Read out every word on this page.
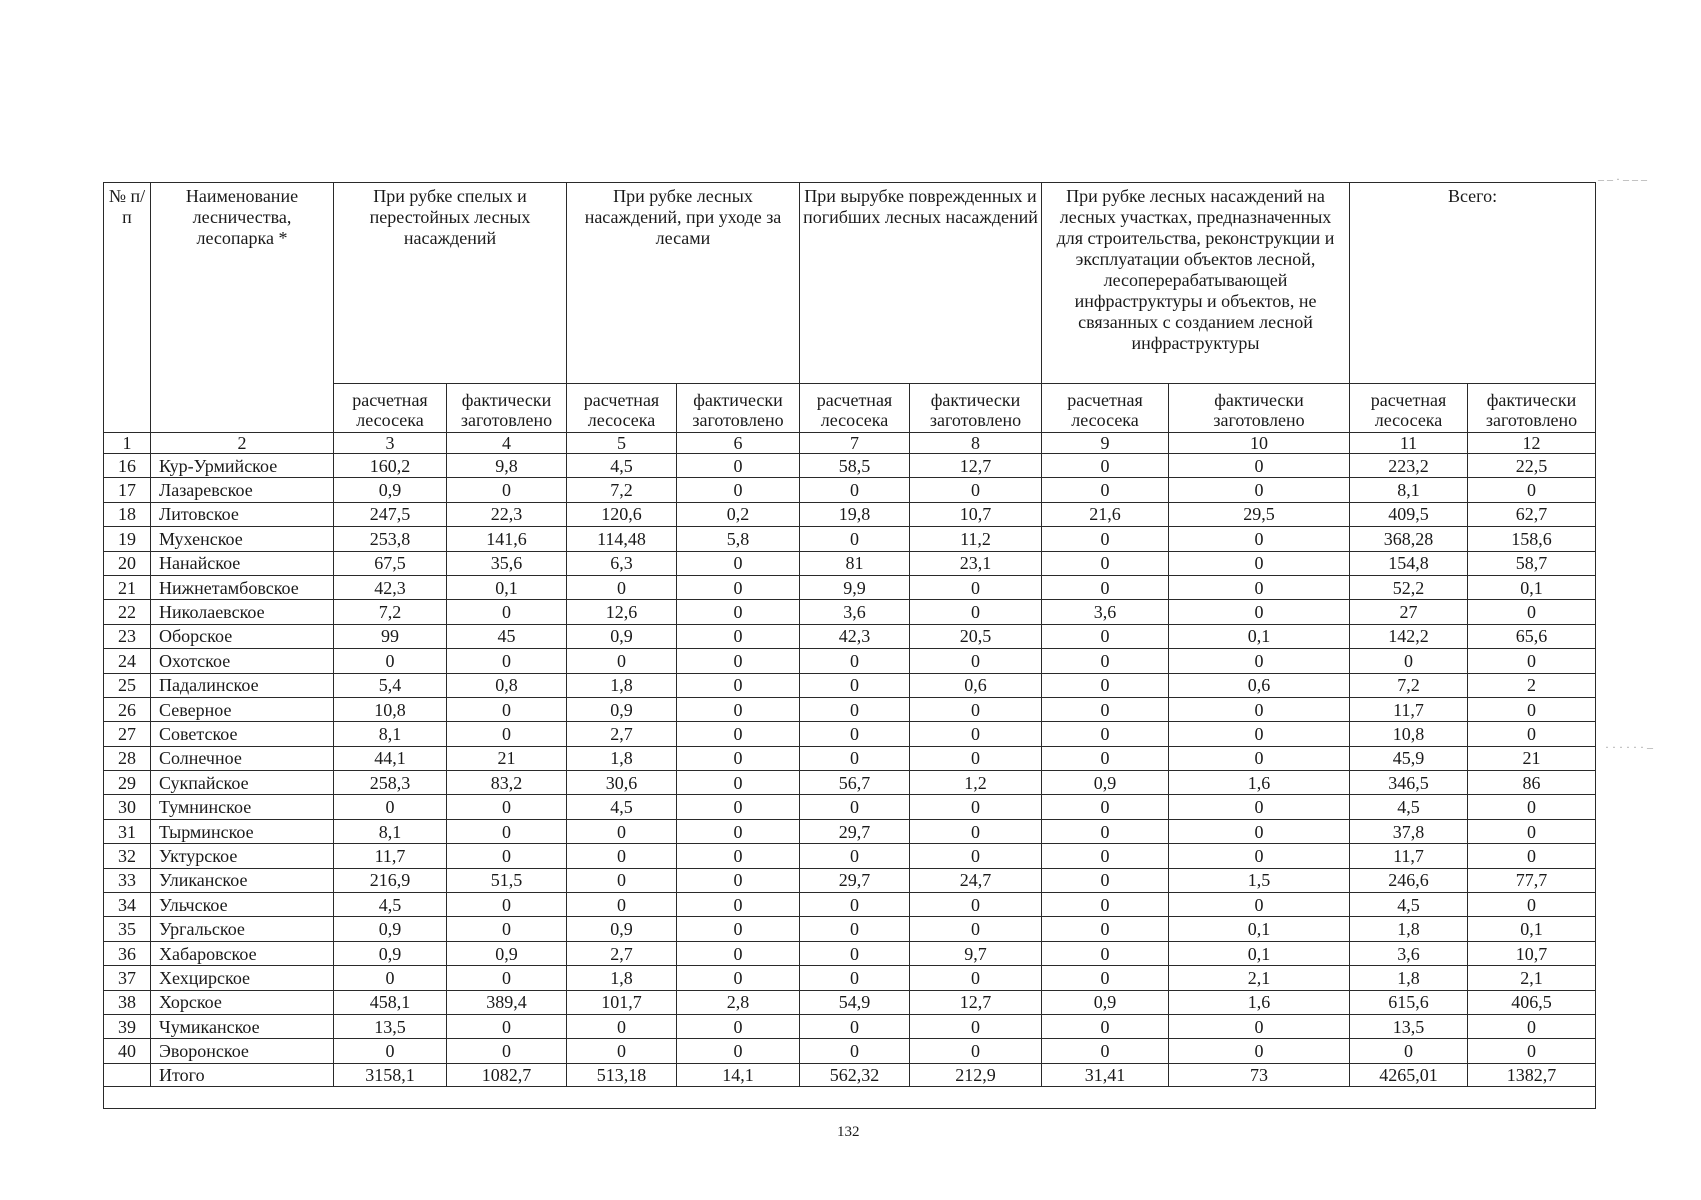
№ п/п	Наименование лесничества, лесопарка *	При рубке спелых и перестойных лесных насаждений		При рубке лесных насаждений, при уходе за лесами		При вырубке поврежденных и погибших лесных насаждений		При рубке лесных насаждений на лесных участках, предназначенных для строительства, реконструкции и эксплуатации объектов лесной, лесоперерабатывающей инфраструктуры и объектов, не связанных с созданием лесной инфраструктуры		Всего:	
		расчетная лесосека	фактически заготовлено	расчетная лесосека	фактически заготовлено	расчетная лесосека	фактически заготовлено	расчетная лесосека	фактически заготовлено	расчетная лесосека	фактически заготовлено
1	2	3	4	5	6	7	8	9	10	11	12
16	Кур-Урмийское	160,2	9,8	4,5	0	58,5	12,7	0	0	223,2	22,5
17	Лазаревское	0,9	0	7,2	0	0	0	0	0	8,1	0
18	Литовское	247,5	22,3	120,6	0,2	19,8	10,7	21,6	29,5	409,5	62,7
19	Мухенское	253,8	141,6	114,48	5,8	0	11,2	0	0	368,28	158,6
20	Нанайское	67,5	35,6	6,3	0	81	23,1	0	0	154,8	58,7
21	Нижнетамбовское	42,3	0,1	0	0	9,9	0	0	0	52,2	0,1
22	Николаевское	7,2	0	12,6	0	3,6	0	3,6	0	27	0
23	Оборское	99	45	0,9	0	42,3	20,5	0	0,1	142,2	65,6
24	Охотское	0	0	0	0	0	0	0	0	0	0
25	Падалинское	5,4	0,8	1,8	0	0	0,6	0	0,6	7,2	2
26	Северное	10,8	0	0,9	0	0	0	0	0	11,7	0
27	Советское	8,1	0	2,7	0	0	0	0	0	10,8	0
28	Солнечное	44,1	21	1,8	0	0	0	0	0	45,9	21
29	Сукпайское	258,3	83,2	30,6	0	56,7	1,2	0,9	1,6	346,5	86
30	Тумнинское	0	0	4,5	0	0	0	0	0	4,5	0
31	Тырминское	8,1	0	0	0	29,7	0	0	0	37,8	0
32	Уктурское	11,7	0	0	0	0	0	0	0	11,7	0
33	Уликанское	216,9	51,5	0	0	29,7	24,7	0	1,5	246,6	77,7
34	Ульчское	4,5	0	0	0	0	0	0	0	4,5	0
35	Ургальское	0,9	0	0,9	0	0	0	0	0,1	1,8	0,1
36	Хабаровское	0,9	0,9	2,7	0	0	9,7	0	0,1	3,6	10,7
37	Хехцирское	0	0	1,8	0	0	0	0	2,1	1,8	2,1
38	Хорское	458,1	389,4	101,7	2,8	54,9	12,7	0,9	1,6	615,6	406,5
39	Чумиканское	13,5	0	0	0	0	0	0	0	13,5	0
40	Эворонское	0	0	0	0	0	0	0	0	0	0
	Итого	3158,1	1082,7	513,18	14,1	562,32	212,9	31,41	73	4265,01	1382,7

132
– – · – – –
· · · · · · –
